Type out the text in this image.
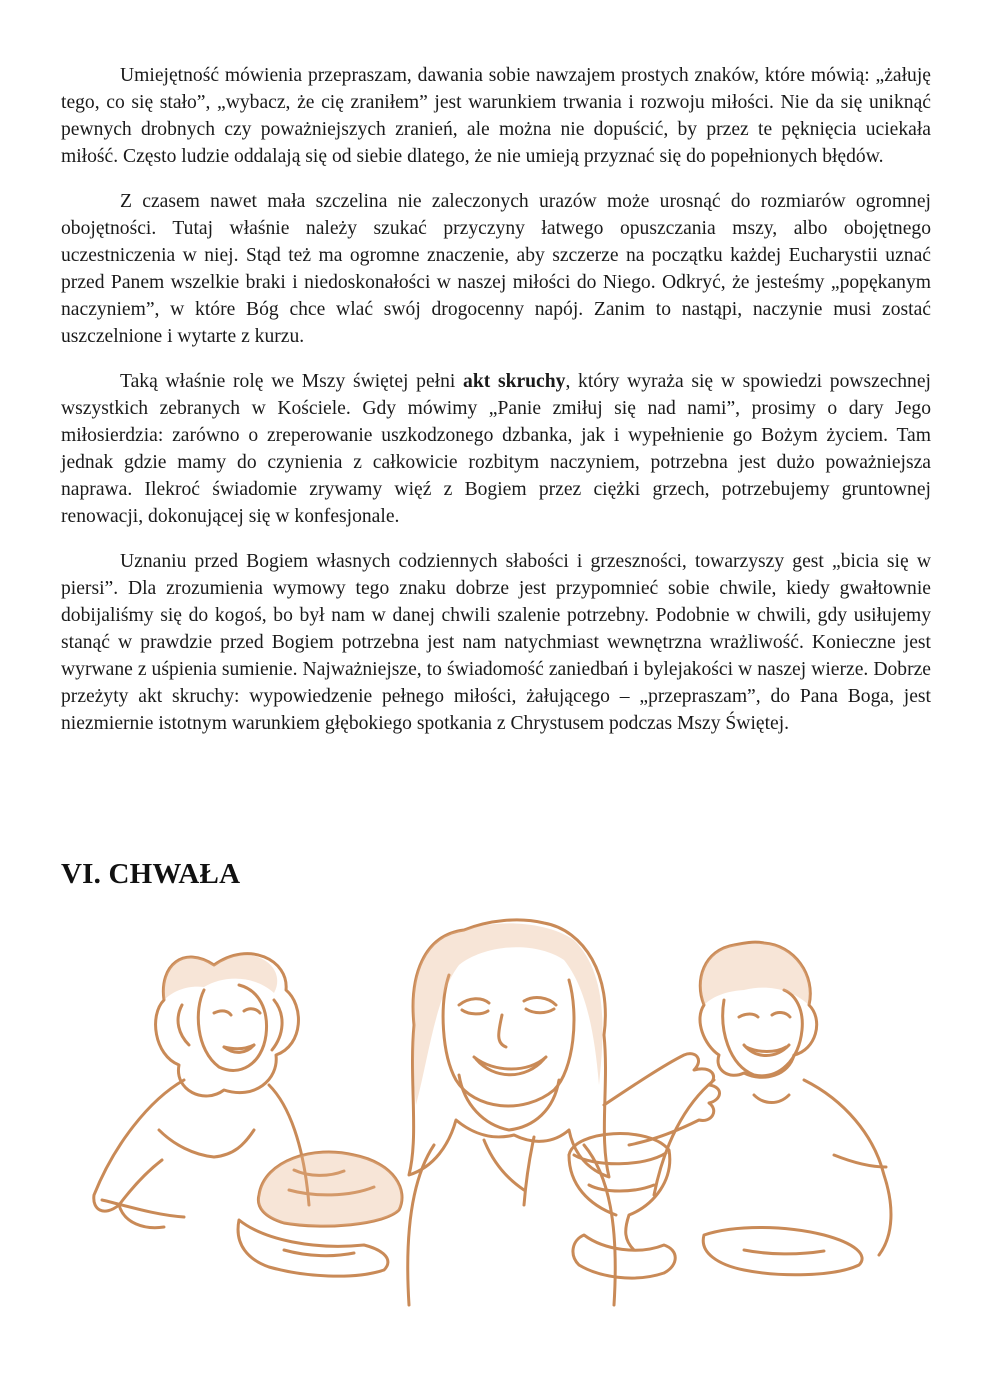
Umiejętność mówienia przepraszam, dawania sobie nawzajem prostych znaków, które mówią: „żałuję tego, co się stało”, „wybacz, że cię zraniłem” jest warunkiem trwania i rozwoju miłości. Nie da się uniknąć pewnych drobnych czy poważniejszych zranień, ale można nie dopuścić, by przez te pęknięcia uciekała miłość. Często ludzie oddalają się od siebie dlatego, że nie umieją przyznać się do popełnionych błędów.

Z czasem nawet mała szczelina nie zaleczonych urazów może urosnąć do rozmiarów ogromnej obojętności. Tutaj właśnie należy szukać przyczyny łatwego opuszczania mszy, albo obojętnego uczestniczenia w niej. Stąd też ma ogromne znaczenie, aby szczerze na początku każdej Eucharystii uznać przed Panem wszelkie braki i niedoskonałości w naszej miłości do Niego. Odkryć, że jesteśmy „popękanym naczyniem”, w które Bóg chce wlać swój drogocenny napój. Zanim to nastąpi, naczynie musi zostać uszczelnione i wytarte z kurzu.

Taką właśnie rolę we Mszy świętej pełni akt skruchy, który wyraża się w spowiedzi powszechnej wszystkich zebranych w Kościele. Gdy mówimy „Panie zmiłuj się nad nami”, prosimy o dary Jego miłosierdzia: zarówno o zreperowanie uszkodzonego dzbanka, jak i wypełnienie go Bożym życiem. Tam jednak gdzie mamy do czynienia z całkowicie rozbitym naczyniem, potrzebna jest dużo poważniejsza naprawa. Ilekroć świadomie zrywamy więź z Bogiem przez ciężki grzech, potrzebujemy gruntownej renowacji, dokonującej się w konfesjonale.

Uznaniu przed Bogiem własnych codziennych słabości i grzeszności, towarzyszy gest „bicia się w piersi”. Dla zrozumienia wymowy tego znaku dobrze jest przypomnieć sobie chwile, kiedy gwałtownie dobijaliśmy się do kogoś, bo był nam w danej chwili szalenie potrzebny. Podobnie w chwili, gdy usiłujemy stanąć w prawdzie przed Bogiem potrzebna jest nam natychmiast wewnętrzna wrażliwość. Konieczne jest wyrwane z uśpienia sumienie. Najważniejsze, to świadomość zaniedbań i bylejakości w naszej wierze. Dobrze przeżyty akt skruchy: wypowiedzenie pełnego miłości, żałującego – „przepraszam”, do Pana Boga, jest niezmiernie istotnym warunkiem głębokiego spotkania z Chrystusem podczas Mszy Świętej.

VI. CHWAŁA
